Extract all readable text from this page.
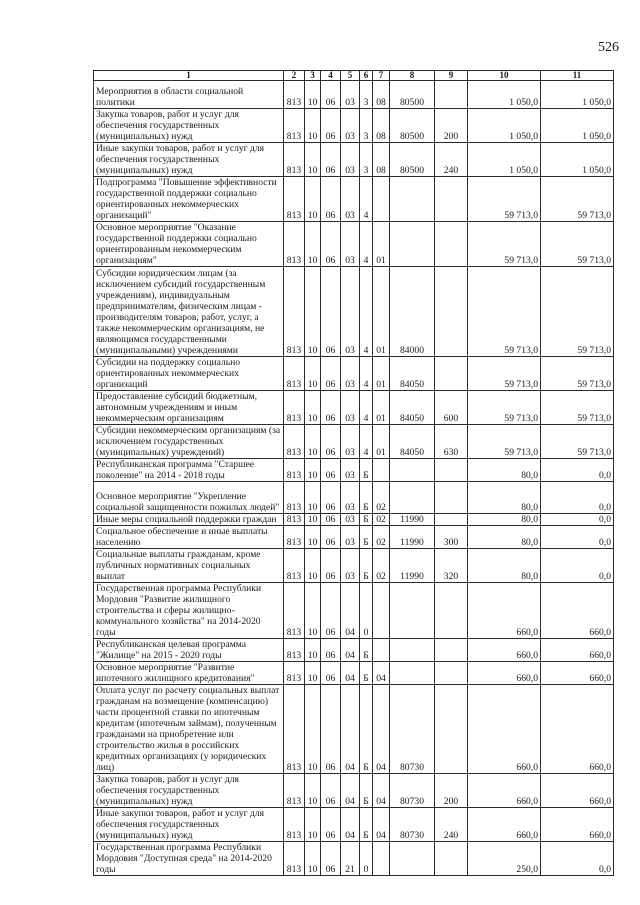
526
1	2	3	4	5	6	7	8	9	10	11
Мероприятия в области социальной политики	813	10	06	03	3	08	80500		1 050,0	1 050,0
Закупка товаров, работ и услуг для обеспечения государственных (муниципальных) нужд	813	10	06	03	3	08	80500	200	1 050,0	1 050,0
Иные закупки товаров, работ и услуг для обеспечения государственных (муниципальных) нужд	813	10	06	03	3	08	80500	240	1 050,0	1 050,0
Подпрограмма "Повышение эффективности государственной поддержки социально ориентированных некоммерческих организаций"	813	10	06	03	4				59 713,0	59 713,0
Основное мероприятие "Оказание государственной поддержки социально ориентированным некоммерческим организациям"	813	10	06	03	4	01			59 713,0	59 713,0
Субсидии юридическим лицам (за исключением субсидий государственным учреждениям), индивидуальным предпринимателям, физическим лицам - производителям товаров, работ, услуг, а также некоммерческим организациям, не являющимся государственными (муниципальными) учреждениями	813	10	06	03	4	01	84000		59 713,0	59 713,0
Субсидии на поддержку социально ориентированных некоммерческих организаций	813	10	06	03	4	01	84050		59 713,0	59 713,0
Предоставление субсидий бюджетным, автономным учреждениям и иным некоммерческим организациям	813	10	06	03	4	01	84050	600	59 713,0	59 713,0
Субсидии некоммерческим организациям (за исключением государственных (муниципальных) учреждений)	813	10	06	03	4	01	84050	630	59 713,0	59 713,0
Республиканская программа "Старшее поколение" на 2014 - 2018 годы	813	10	06	03	Б				80,0	0,0
Основное мероприятие "Укрепление социальной защищенности пожилых людей"	813	10	06	03	Б	02			80,0	0,0
Иные меры социальной поддержки граждан	813	10	06	03	Б	02	11990		80,0	0,0
Социальное обеспечение и иные выплаты населению	813	10	06	03	Б	02	11990	300	80,0	0,0
Социальные выплаты гражданам, кроме публичных нормативных социальных выплат	813	10	06	03	Б	02	11990	320	80,0	0,0
Государственная программа Республики Мордовия "Развитие жилищного строительства и сферы жилищно-коммунального хозяйства" на 2014-2020 годы	813	10	06	04	0				660,0	660,0
Республиканская целевая программа "Жилище" на 2015 - 2020 годы	813	10	06	04	Б				660,0	660,0
Основное мероприятие "Развитие ипотечного жилищного кредитования"	813	10	06	04	Б	04			660,0	660,0
Оплата услуг по расчету социальных выплат гражданам на возмещение (компенсацию) части процентной ставки по ипотечным кредитам (ипотечным займам), полученным гражданами на приобретение или строительство жилья в российских кредитных организациях (у юридических лиц)	813	10	06	04	Б	04	80730		660,0	660,0
Закупка товаров, работ и услуг для обеспечения государственных (муниципальных) нужд	813	10	06	04	Б	04	80730	200	660,0	660,0
Иные закупки товаров, работ и услуг для обеспечения государственных (муниципальных) нужд	813	10	06	04	Б	04	80730	240	660,0	660,0
Государственная программа Республики Мордовия "Доступная среда" на 2014-2020 годы	813	10	06	21	0				250,0	0,0
